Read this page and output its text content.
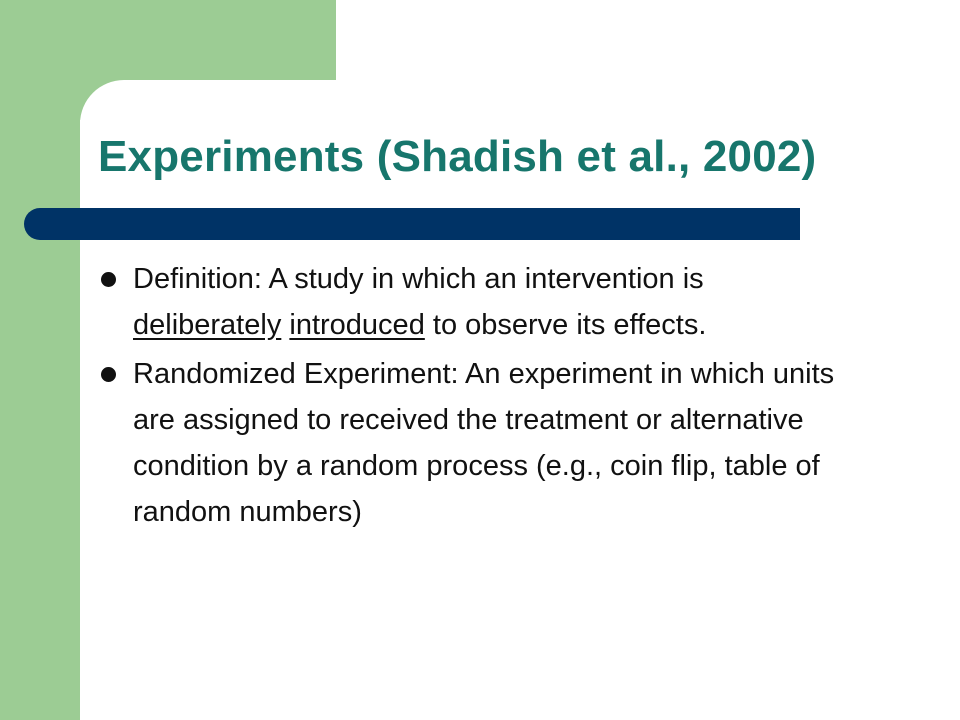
Experiments (Shadish et al., 2002)
Definition: A study in which an intervention is deliberately introduced to observe its effects.
Randomized Experiment: An experiment in which units are assigned to received the treatment or alternative condition by a random process (e.g., coin flip, table of random numbers)
